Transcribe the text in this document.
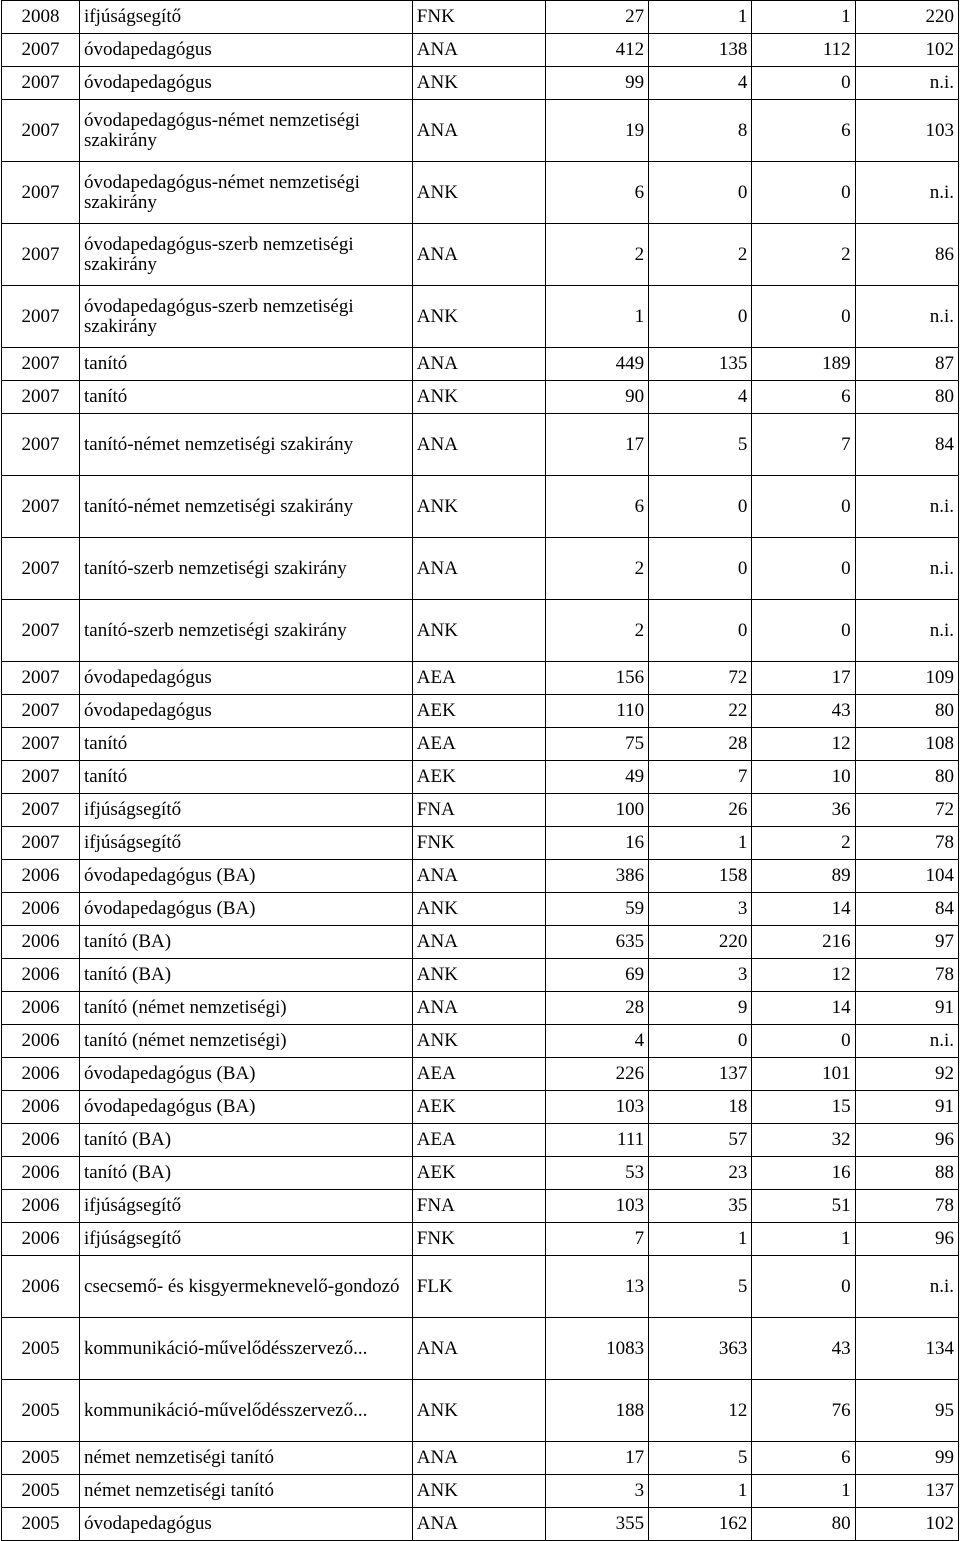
2008	ifjúságsegítő	FNK	27	1	1	220
2007	óvodapedagógus	ANA	412	138	112	102
2007	óvodapedagógus	ANK	99	4	0	n.i.
2007	óvodapedagógus-német nemzetiségi szakirány	ANA	19	8	6	103
2007	óvodapedagógus-német nemzetiségi szakirány	ANK	6	0	0	n.i.
2007	óvodapedagógus-szerb nemzetiségi szakirány	ANA	2	2	2	86
2007	óvodapedagógus-szerb nemzetiségi szakirány	ANK	1	0	0	n.i.
2007	tanító	ANA	449	135	189	87
2007	tanító	ANK	90	4	6	80
2007	tanító-német nemzetiségi szakirány	ANA	17	5	7	84
2007	tanító-német nemzetiségi szakirány	ANK	6	0	0	n.i.
2007	tanító-szerb nemzetiségi szakirány	ANA	2	0	0	n.i.
2007	tanító-szerb nemzetiségi szakirány	ANK	2	0	0	n.i.
2007	óvodapedagógus	AEA	156	72	17	109
2007	óvodapedagógus	AEK	110	22	43	80
2007	tanító	AEA	75	28	12	108
2007	tanító	AEK	49	7	10	80
2007	ifjúságsegítő	FNA	100	26	36	72
2007	ifjúságsegítő	FNK	16	1	2	78
2006	óvodapedagógus (BA)	ANA	386	158	89	104
2006	óvodapedagógus (BA)	ANK	59	3	14	84
2006	tanító (BA)	ANA	635	220	216	97
2006	tanító (BA)	ANK	69	3	12	78
2006	tanító (német nemzetiségi)	ANA	28	9	14	91
2006	tanító (német nemzetiségi)	ANK	4	0	0	n.i.
2006	óvodapedagógus (BA)	AEA	226	137	101	92
2006	óvodapedagógus (BA)	AEK	103	18	15	91
2006	tanító (BA)	AEA	111	57	32	96
2006	tanító (BA)	AEK	53	23	16	88
2006	ifjúságsegítő	FNA	103	35	51	78
2006	ifjúságsegítő	FNK	7	1	1	96
2006	csecsemő- és kisgyermeknevelő-gondozó	FLK	13	5	0	n.i.
2005	kommunikáció-művelődésszervező...	ANA	1083	363	43	134
2005	kommunikáció-művelődésszervező...	ANK	188	12	76	95
2005	német nemzetiségi tanító	ANA	17	5	6	99
2005	német nemzetiségi tanító	ANK	3	1	1	137
2005	óvodapedagógus	ANA	355	162	80	102
